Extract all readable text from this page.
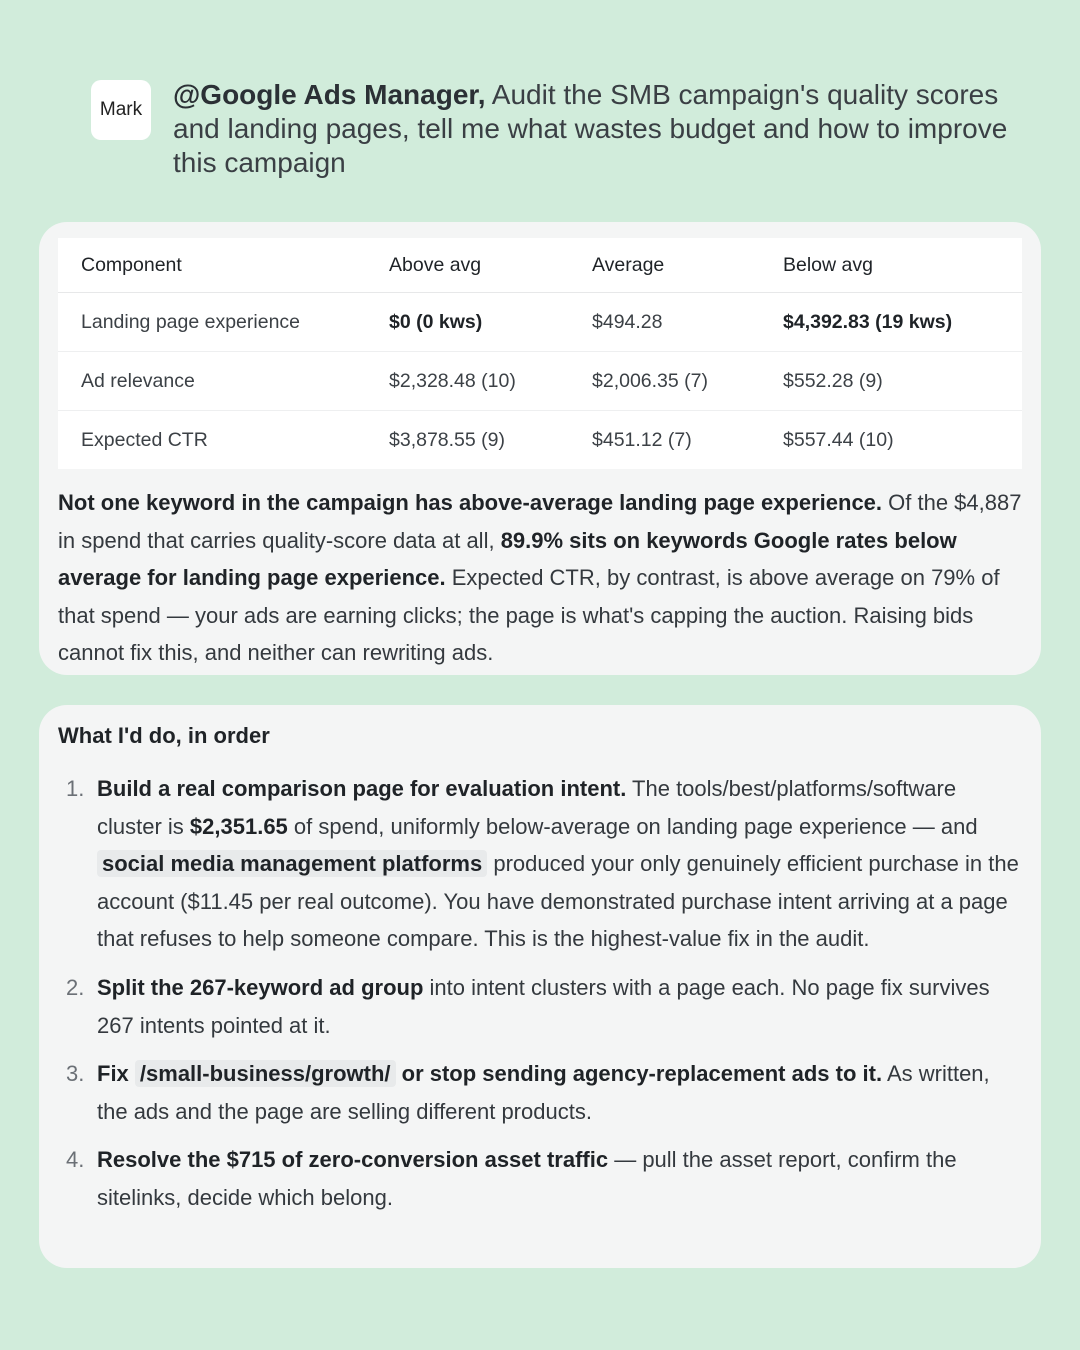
Mark	@Google Ads Manager, Audit the SMB campaign's quality scores and landing pages, tell me what wastes budget and how to improve this campaign
Component	Above avg	Average	Below avg
Landing page experience	$0 (0 kws)	$494.28	$4,392.83 (19 kws)
Ad relevance	$2,328.48 (10)	$2,006.35 (7)	$552.28 (9)
Expected CTR	$3,878.55 (9)	$451.12 (7)	$557.44 (10)

Not one keyword in the campaign has above-average landing page experience. Of the $4,887 in spend that carries quality-score data at all, 89.9% sits on keywords Google rates below average for landing page experience. Expected CTR, by contrast, is above average on 79% of that spend — your ads are earning clicks; the page is what's capping the auction. Raising bids cannot fix this, and neither can rewriting ads.

What I'd do, in order

1. Build a real comparison page for evaluation intent. The tools/best/platforms/software cluster is $2,351.65 of spend, uniformly below-average on landing page experience — and social media management platforms produced your only genuinely efficient purchase in the account ($11.45 per real outcome). You have demonstrated purchase intent arriving at a page that refuses to help someone compare. This is the highest-value fix in the audit.
2. Split the 267-keyword ad group into intent clusters with a page each. No page fix survives 267 intents pointed at it.
3. Fix /small-business/growth/ or stop sending agency-replacement ads to it. As written, the ads and the page are selling different products.
4. Resolve the $715 of zero-conversion asset traffic — pull the asset report, confirm the sitelinks, decide which belong.
